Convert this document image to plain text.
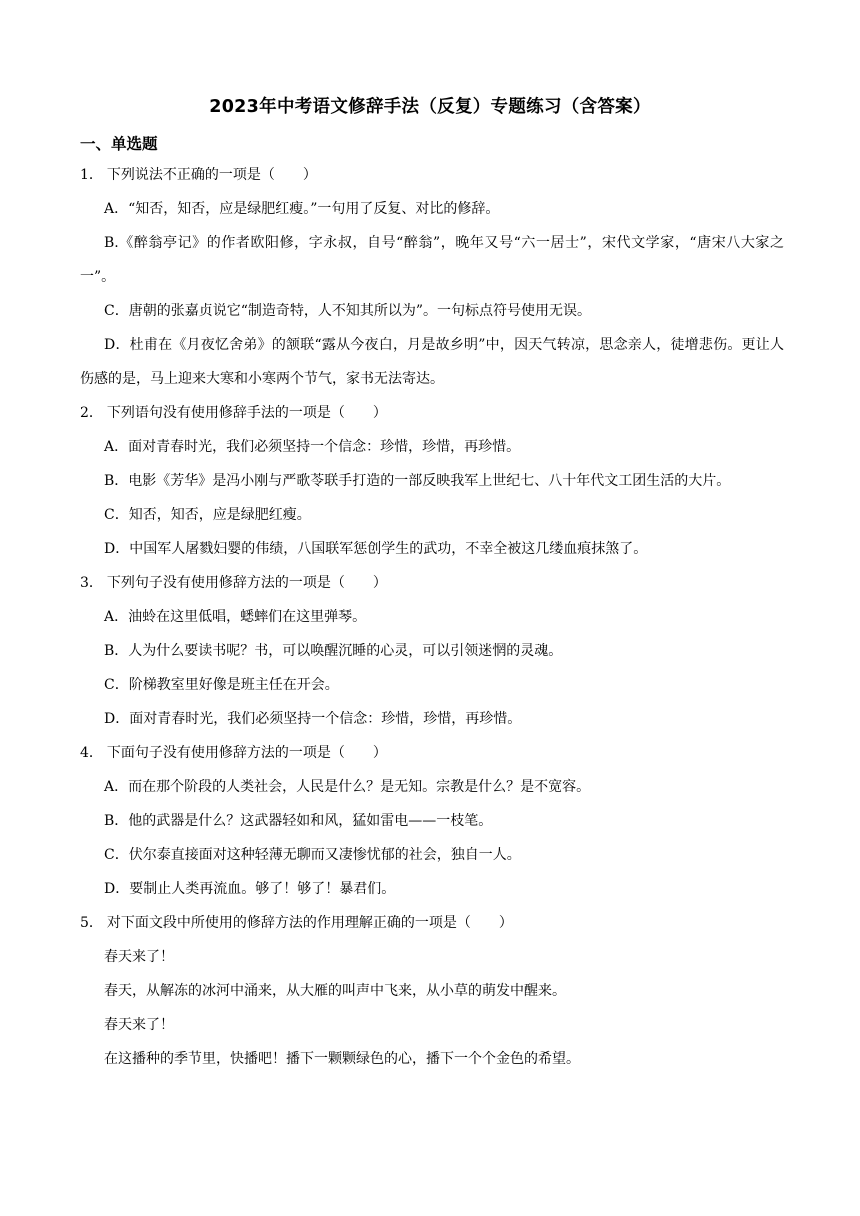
2023年中考语文修辞手法（反复）专题练习（含答案）
一、单选题

1． 下列说法不正确的一项是（　　）

A．“知否，知否，应是绿肥红瘦。”一句用了反复、对比的修辞。

B.《醉翁亭记》的作者欧阳修，字永叔，自号“醉翁”，晚年又号“六一居士”，宋代文学家，“唐宋八大家之一”。

C．唐朝的张嘉贞说它“制造奇特，人不知其所以为”。一句标点符号使用无误。

D．杜甫在《月夜忆舍弟》的颔联“露从今夜白，月是故乡明”中，因天气转凉，思念亲人，徒增悲伤。更让人伤感的是，马上迎来大寒和小寒两个节气，家书无法寄达。

2． 下列语句没有使用修辞手法的一项是（　　）

A．面对青春时光，我们必须坚持一个信念：珍惜，珍惜，再珍惜。

B．电影《芳华》是冯小刚与严歌苓联手打造的一部反映我军上世纪七、八十年代文工团生活的大片。

C．知否，知否，应是绿肥红瘦。

D．中国军人屠戮妇婴的伟绩，八国联军惩创学生的武功，不幸全被这几缕血痕抹煞了。

3． 下列句子没有使用修辞方法的一项是（　　）

A．油蛉在这里低唱，蟋蟀们在这里弹琴。

B．人为什么要读书呢？书，可以唤醒沉睡的心灵，可以引领迷惘的灵魂。

C．阶梯教室里好像是班主任在开会。

D．面对青春时光，我们必须坚持一个信念：珍惜，珍惜，再珍惜。

4． 下面句子没有使用修辞方法的一项是（　　）

A．而在那个阶段的人类社会，人民是什么？是无知。宗教是什么？是不宽容。

B．他的武器是什么？这武器轻如和风，猛如雷电——一枝笔。

C．伏尔泰直接面对这种轻薄无聊而又凄惨忧郁的社会，独自一人。

D．要制止人类再流血。够了！够了！暴君们。

5． 对下面文段中所使用的修辞方法的作用理解正确的一项是（　　）

春天来了！

春天，从解冻的冰河中涌来，从大雁的叫声中飞来，从小草的萌发中醒来。

春天来了！

在这播种的季节里，快播吧！播下一颗颗绿色的心，播下一个个金色的希望。
